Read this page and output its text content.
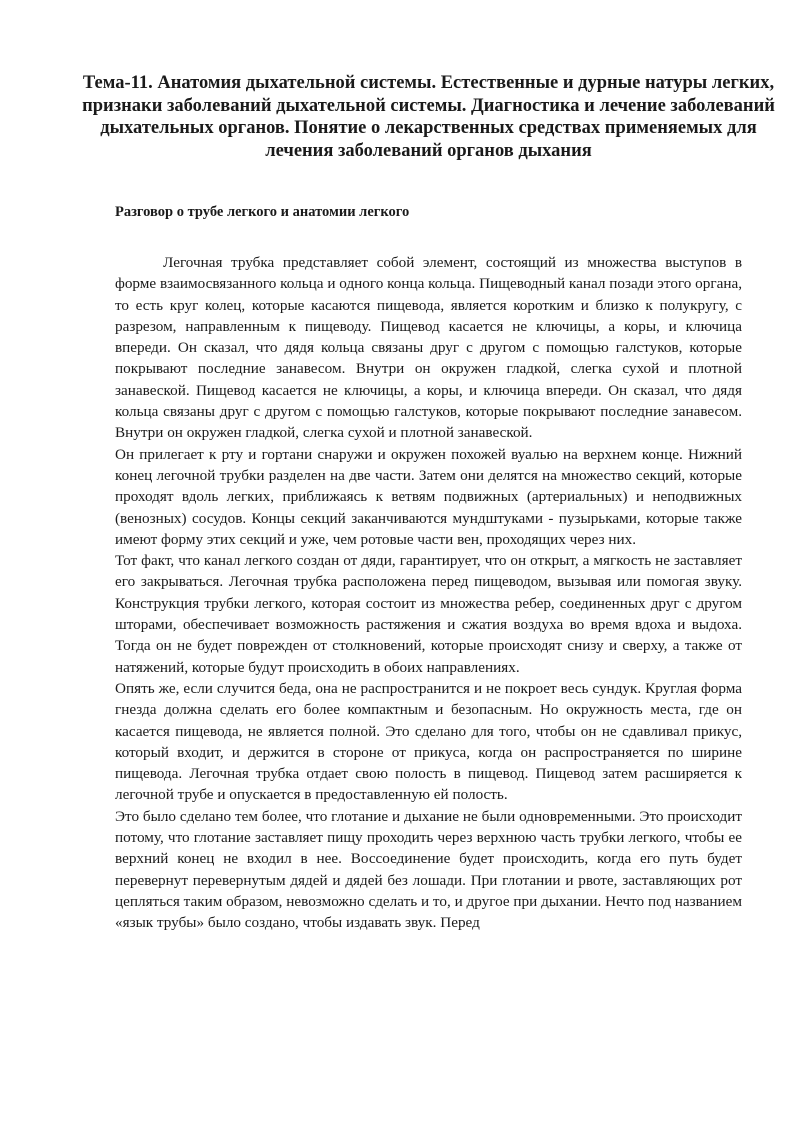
Тема-11. Анатомия дыхательной системы. Естественные и дурные натуры легких, признаки заболеваний дыхательной системы. Диагностика и лечение заболеваний дыхательных органов. Понятие о лекарственных средствах применяемых для лечения заболеваний органов дыхания
Разговор о трубе легкого и анатомии легкого

Легочная трубка представляет собой элемент, состоящий из множества выступов в форме взаимосвязанного кольца и одного конца кольца. Пищеводный канал позади этого органа, то есть круг колец, которые касаются пищевода, является коротким и близко к полукругу, с разрезом, направленным к пищеводу. Пищевод касается не ключицы, а коры, и ключица впереди. Он сказал, что дядя кольца связаны друг с другом с помощью галстуков, которые покрывают последние занавесом. Внутри он окружен гладкой, слегка сухой и плотной занавеской. Пищевод касается не ключицы, а коры, и ключица впереди. Он сказал, что дядя кольца связаны друг с другом с помощью галстуков, которые покрывают последние занавесом. Внутри он окружен гладкой, слегка сухой и плотной занавеской.

Он прилегает к рту и гортани снаружи и окружен похожей вуалью на верхнем конце. Нижний конец легочной трубки разделен на две части. Затем они делятся на множество секций, которые проходят вдоль легких, приближаясь к ветвям подвижных (артериальных) и неподвижных (венозных) сосудов. Концы секций заканчиваются мундштуками - пузырьками, которые также имеют форму этих секций и уже, чем ротовые части вен, проходящих через них.

Тот факт, что канал легкого создан от дяди, гарантирует, что он открыт, а мягкость не заставляет его закрываться. Легочная трубка расположена перед пищеводом, вызывая или помогая звуку. Конструкция трубки легкого, которая состоит из множества ребер, соединенных друг с другом шторами, обеспечивает возможность растяжения и сжатия воздуха во время вдоха и выдоха. Тогда он не будет поврежден от столкновений, которые происходят снизу и сверху, а также от натяжений, которые будут происходить в обоих направлениях.

Опять же, если случится беда, она не распространится и не покроет весь сундук. Круглая форма гнезда должна сделать его более компактным и безопасным. Но окружность места, где он касается пищевода, не является полной. Это сделано для того, чтобы он не сдавливал прикус, который входит, и держится в стороне от прикуса, когда он распространяется по ширине пищевода. Легочная трубка отдает свою полость в пищевод. Пищевод затем расширяется к легочной трубе и опускается в предоставленную ей полость.

Это было сделано тем более, что глотание и дыхание не были одновременными. Это происходит потому, что глотание заставляет пищу проходить через верхнюю часть трубки легкого, чтобы ее верхний конец не входил в нее. Воссоединение будет происходить, когда его путь будет перевернут перевернутым дядей и дядей без лошади. При глотании и рвоте, заставляющих рот цепляться таким образом, невозможно сделать и то, и другое при дыхании. Нечто под названием «язык трубы» было создано, чтобы издавать звук. Перед
